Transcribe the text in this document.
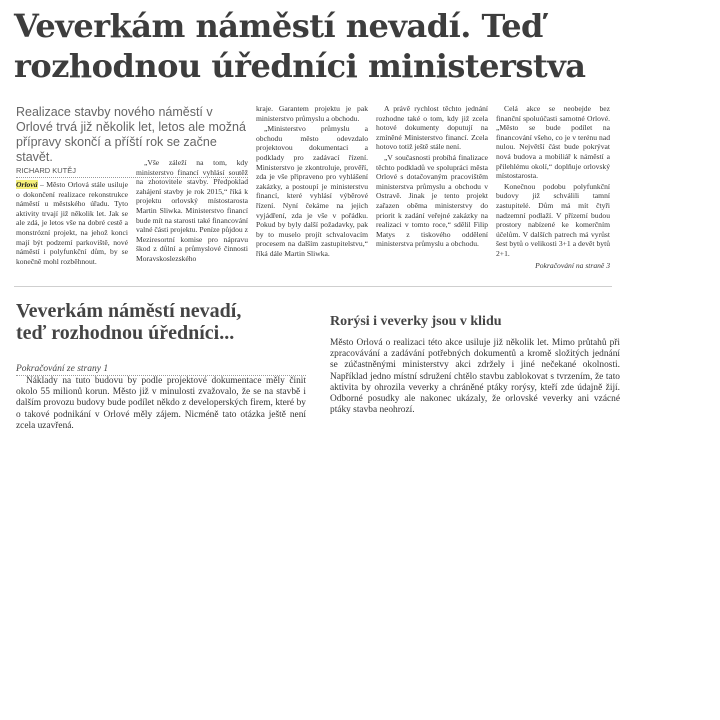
Veverkám náměstí nevadí. Teď
rozhodnou úředníci ministerstva
Realizace stavby nového náměstí v Orlové trvá již několik let, letos ale možná přípravy skončí a příští rok se začne stavět.
RICHARD KUTĚJ

Orlová – Město Orlová stále usiluje o dokončení realizace rekonstrukce náměstí u městského úřadu. Tyto aktivity trvají již několik let. Jak se ale zdá, je letos vše na dobré cestě a monstrózní projekt, na jehož konci mají být podzemí parkoviště, nové náměstí i polyfunkční dům, by se konečně mohl rozběhnout.

„Vše záleží na tom, kdy ministerstvo financí vyhlásí soutěž na zhotovitele stavby. Předpoklad zahájení stavby je rok 2015,“ říká k projektu orlovský místostarosta Martin Sliwka. Ministerstvo financí bude mít na starosti také financování valné části projektu. Peníze půjdou z Meziresortní komise pro nápravu škod z důlní a průmyslové činnosti Moravskoslezského

kraje. Garantem projektu je pak ministerstvo průmyslu a obchodu.

„Ministerstvo průmyslu a obchodu město odevzdalo projektovou dokumentaci a podklady pro zadávací řízení. Ministerstvo je zkontroluje, prověří, zda je vše připraveno pro vyhlášení zakázky, a postoupí je ministerstvu financí, které vyhlásí výběrové řízení. Nyní čekáme na jejich vyjádření, zda je vše v pořádku. Pokud by byly další požadavky, pak by to muselo projít schvalovacím procesem na dalším zastupitelstvu,“ říká dále Martin Sliwka.

A právě rychlost těchto jednání rozhodne také o tom, kdy již zcela hotové dokumenty doputují na zmíněné Ministerstvo financí. Zcela hotovo totiž ještě stále není.

„V současnosti probíhá finalizace těchto podkladů ve spolupráci města Orlové s dotačovaným pracovištěm ministerstva průmyslu a obchodu v Ostravě. Jinak je tento projekt zařazen oběma ministerstvy do priorit k zadání veřejné zakázky na realizaci v tomto roce,“ sdělil Filip Matys z tiskového oddělení ministerstva průmyslu a obchodu.

Celá akce se neobejde bez finanční spoluúčasti samotné Orlové. „Město se bude podílet na financování všeho, co je v terénu nad nulou. Největší část bude pokrývat nová budova a mobiliář k náměstí a přilehlému okolí,“ doplňuje orlovský místostarosta.

Konečnou podobu polyfunkční budovy již schválili tamní zastupitelé. Dům má mít čtyři nadzemní podlaží. V přízemí budou prostory nabízené ke komerčním účelům. V dalších patrech má vyrůst šest bytů o velikosti 3+1 a devět bytů 2+1.

Pokračování na straně 3
Veverkám náměstí nevadí,
teď rozhodnou úředníci...
Pokračování ze strany 1

Náklady na tuto budovu by podle projektové dokumentace měly činit okolo 55 milionů korun. Město již v minulosti zvažovalo, že se na stavbě i dalším provozu budovy bude podílet někdo z developerských firem, které by o takové podnikání v Orlové měly zájem. Nicméně tato otázka ještě není zcela uzavřená.

Rorýsi i veverky jsou v klidu

Město Orlová o realizaci této akce usiluje již několik let. Mimo průtahů při zpracovávání a zadávání potřebných dokumentů a kromě složitých jednání se zúčastněnými ministerstvy akci zdržely i jiné nečekané okolnosti. Například jedno místní sdružení chtělo stavbu zablokovat s tvrzením, že tato aktivita by ohrozila veverky a chráněné ptáky rorýsy, kteří zde údajně žijí. Odborné posudky ale nakonec ukázaly, že orlovské veverky ani vzácné ptáky stavba neohrozí.
